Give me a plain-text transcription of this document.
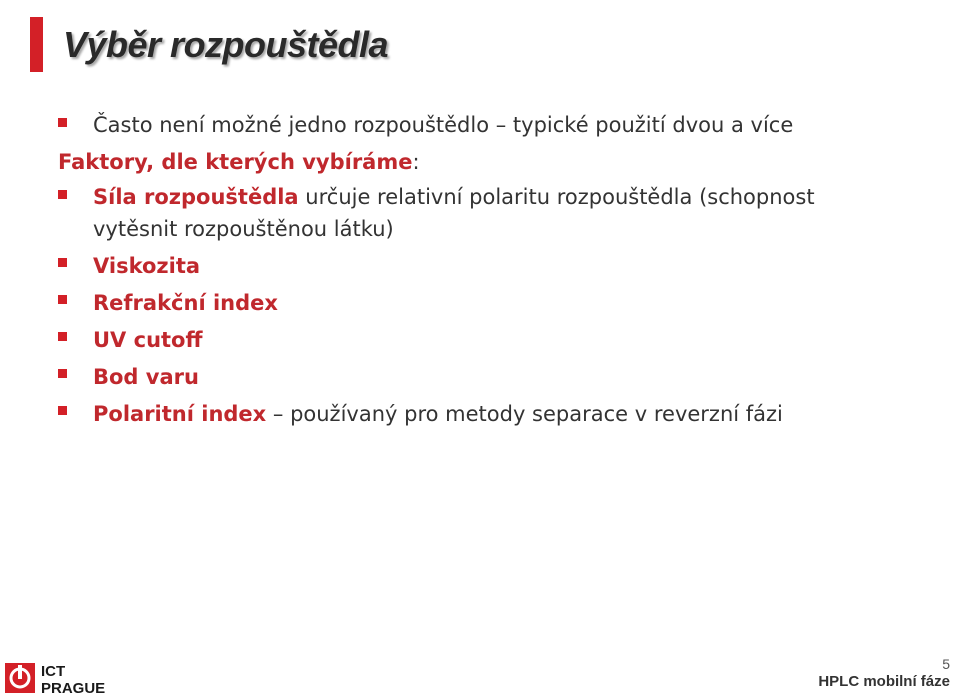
Výběr rozpouštědla
Často není možné jedno rozpouštědlo – typické použití dvou a více
Faktory, dle kterých vybíráme:
Síla rozpouštědla určuje relativní polaritu rozpouštědla (schopnost
vytěsnit rozpouštěnou látku)
Viskozita
Refrakční index
UV cutoff
Bod varu
Polaritní index – používaný pro metody separace v reverzní fázi
ICT
PRAGUE
5
HPLC mobilní fáze
